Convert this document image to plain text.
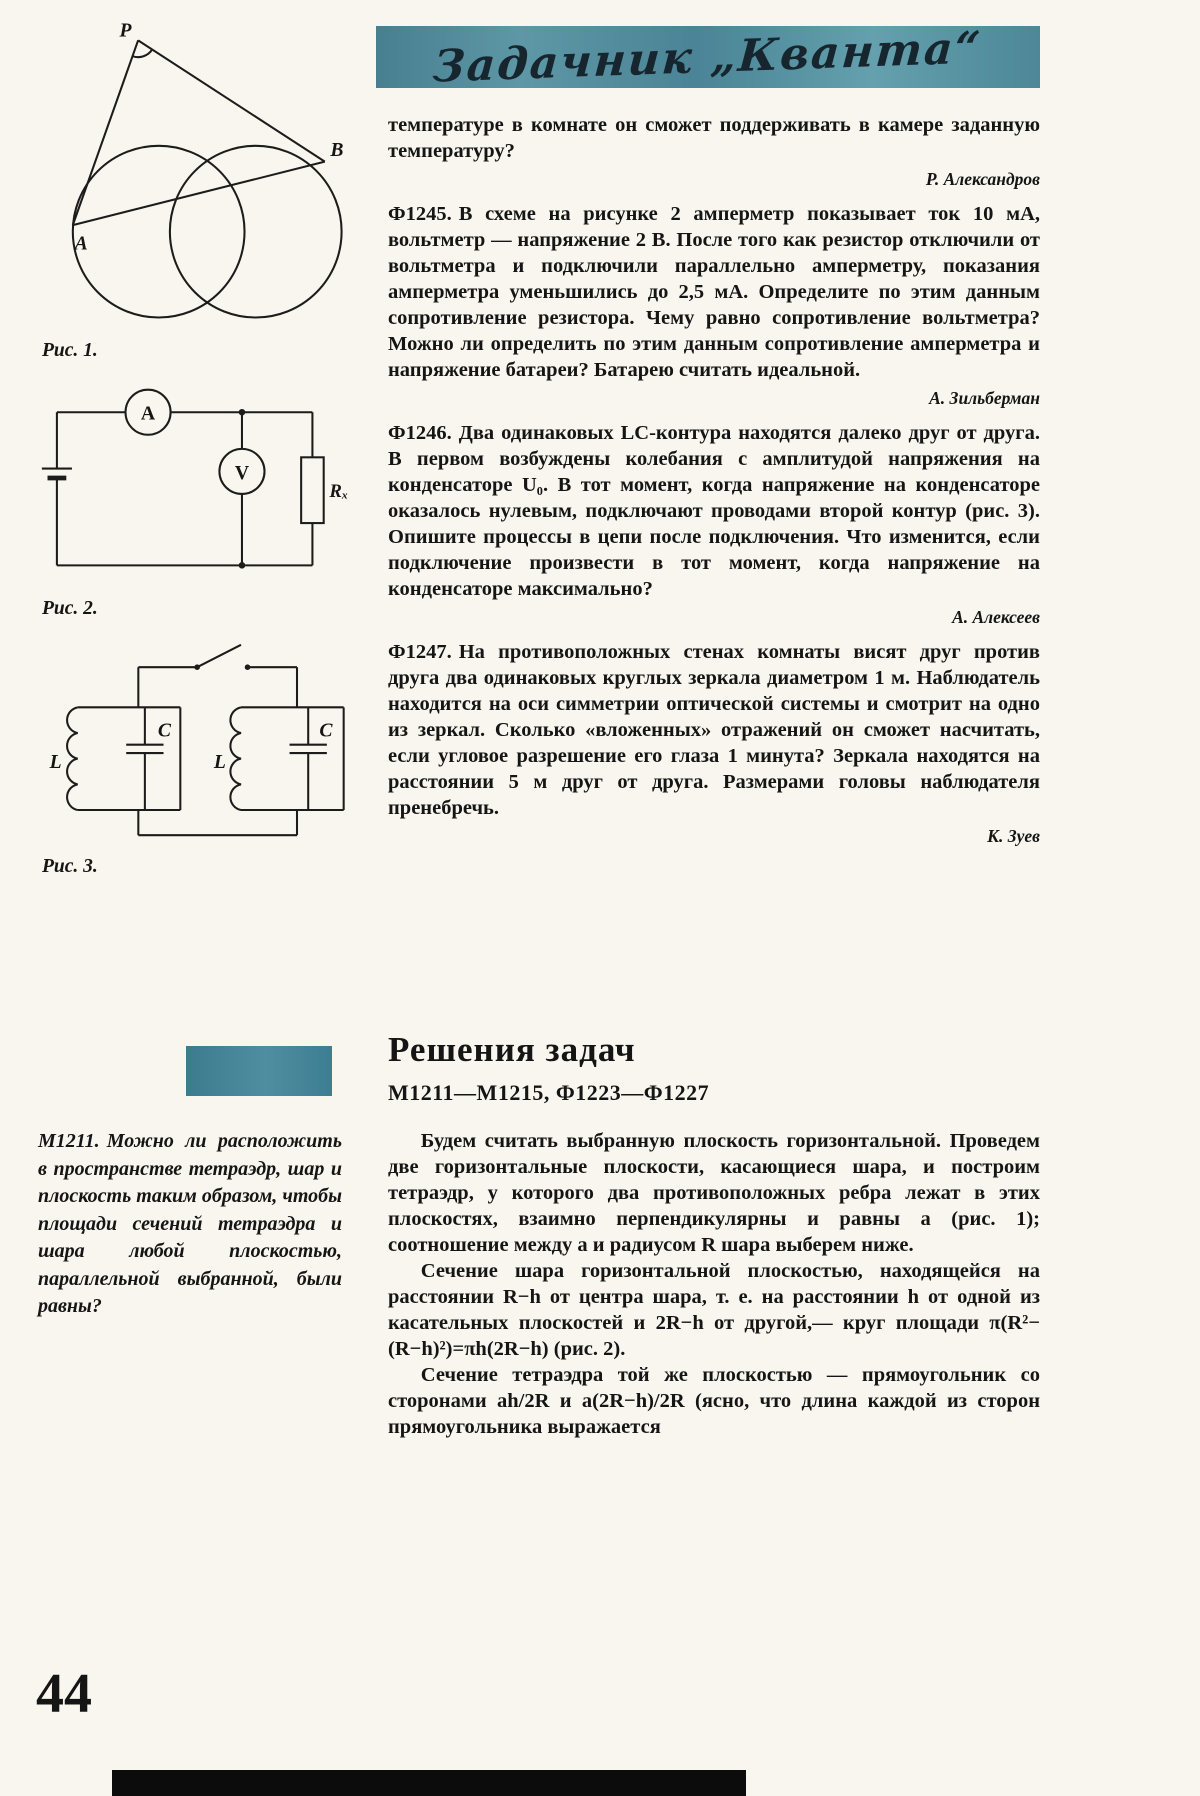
Задачник „Кванта“
P
A
B
Рис. 1.
A
V
Rₓ
Рис. 2.
L
C
L
C
Рис. 3.

температуре в комнате он сможет поддерживать в камере заданную температуру?

Р. Александров

Ф1245. В схеме на рисунке 2 амперметр показывает ток 10 мА, вольтметр — напряжение 2 В. После того как резистор отключили от вольтметра и подключили параллельно амперметру, показания амперметра уменьшились до 2,5 мА. Определите по этим данным сопротивление резистора. Чему равно сопротивление вольтметра? Можно ли определить по этим данным сопротивление амперметра и напряжение батареи? Батарею считать идеальной.

А. Зильберман

Ф1246. Два одинаковых LC-контура находятся далеко друг от друга. В первом возбуждены колебания с амплитудой напряжения на конденсаторе U₀. В тот момент, когда напряжение на конденсаторе оказалось нулевым, подключают проводами второй контур (рис. 3). Опишите процессы в цепи после подключения. Что изменится, если подключение произвести в тот момент, когда напряжение на конденсаторе максимально?

А. Алексеев

Ф1247. На противоположных стенах комнаты висят друг против друга два одинаковых круглых зеркала диаметром 1 м. Наблюдатель находится на оси симметрии оптической системы и смотрит на одно из зеркал. Сколько «вложенных» отражений он сможет насчитать, если угловое разрешение его глаза 1 минута? Зеркала находятся на расстоянии 5 м друг от друга. Размерами головы наблюдателя пренебречь.

К. Зуев

Решения задач
М1211—М1215, Ф1223—Ф1227
М1211. Можно ли расположить в пространстве тетраэдр, шар и плоскость таким образом, чтобы площади сечений тетраэдра и шара любой плоскостью, параллельной выбранной, были равны?

Будем считать выбранную плоскость горизонтальной. Проведем две горизонтальные плоскости, касающиеся шара, и построим тетраэдр, у которого два противоположных ребра лежат в этих плоскостях, взаимно перпендикулярны и равны a (рис. 1); соотношение между a и радиусом R шара выберем ниже.

Сечение шара горизонтальной плоскостью, находящейся на расстоянии R−h от центра шара, т. е. на расстоянии h от одной из касательных плоскостей и 2R−h от другой,— круг площади π(R²−(R−h)²)=πh(2R−h) (рис. 2).

Сечение тетраэдра той же плоскостью — прямоугольник со сторонами ah/2R и a(2R−h)/2R (ясно, что длина каждой из сторон прямоугольника выражается

44
